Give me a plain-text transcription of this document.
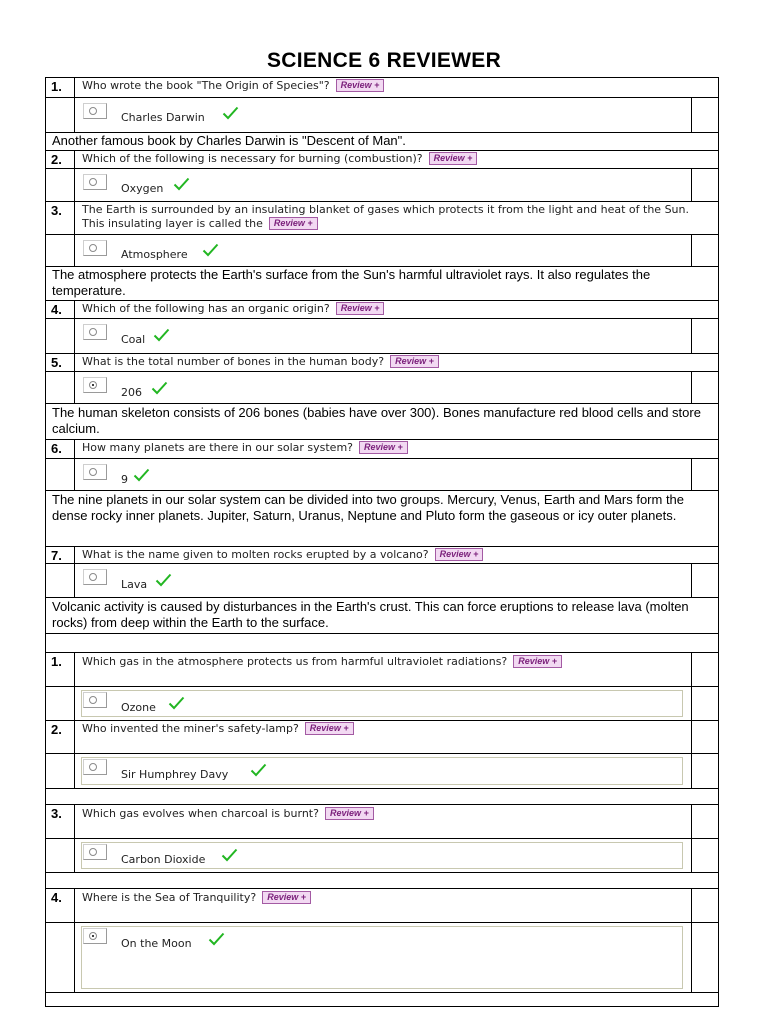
SCIENCE 6 REVIEWER
1.	Who wrote the book "The Origin of Species"? Review +
Charles Darwin
Another famous book by Charles Darwin is "Descent of Man".
2.	Which of the following is necessary for burning (combustion)? Review +
Oxygen
3.	The Earth is surrounded by an insulating blanket of gases which protects it from the light and heat of the Sun. This insulating layer is called the Review +
Atmosphere
The atmosphere protects the Earth's surface from the Sun's harmful ultraviolet rays. It also regulates the temperature.
4.	Which of the following has an organic origin? Review +
Coal
5.	What is the total number of bones in the human body? Review +
206
The human skeleton consists of 206 bones (babies have over 300). Bones manufacture red blood cells and store calcium.
6.	How many planets are there in our solar system? Review +
9
The nine planets in our solar system can be divided into two groups. Mercury, Venus, Earth and Mars form the dense rocky inner planets. Jupiter, Saturn, Uranus, Neptune and Pluto form the gaseous or icy outer planets.
7.	What is the name given to molten rocks erupted by a volcano? Review +
Lava
Volcanic activity is caused by disturbances in the Earth's crust. This can force eruptions to release lava (molten rocks) from deep within the Earth to the surface.
1.	Which gas in the atmosphere protects us from harmful ultraviolet radiations? Review +
Ozone
2.	Who invented the miner's safety-lamp? Review +
Sir Humphrey Davy
3.	Which gas evolves when charcoal is burnt? Review +
Carbon Dioxide
4.	Where is the Sea of Tranquility? Review +
On the Moon
